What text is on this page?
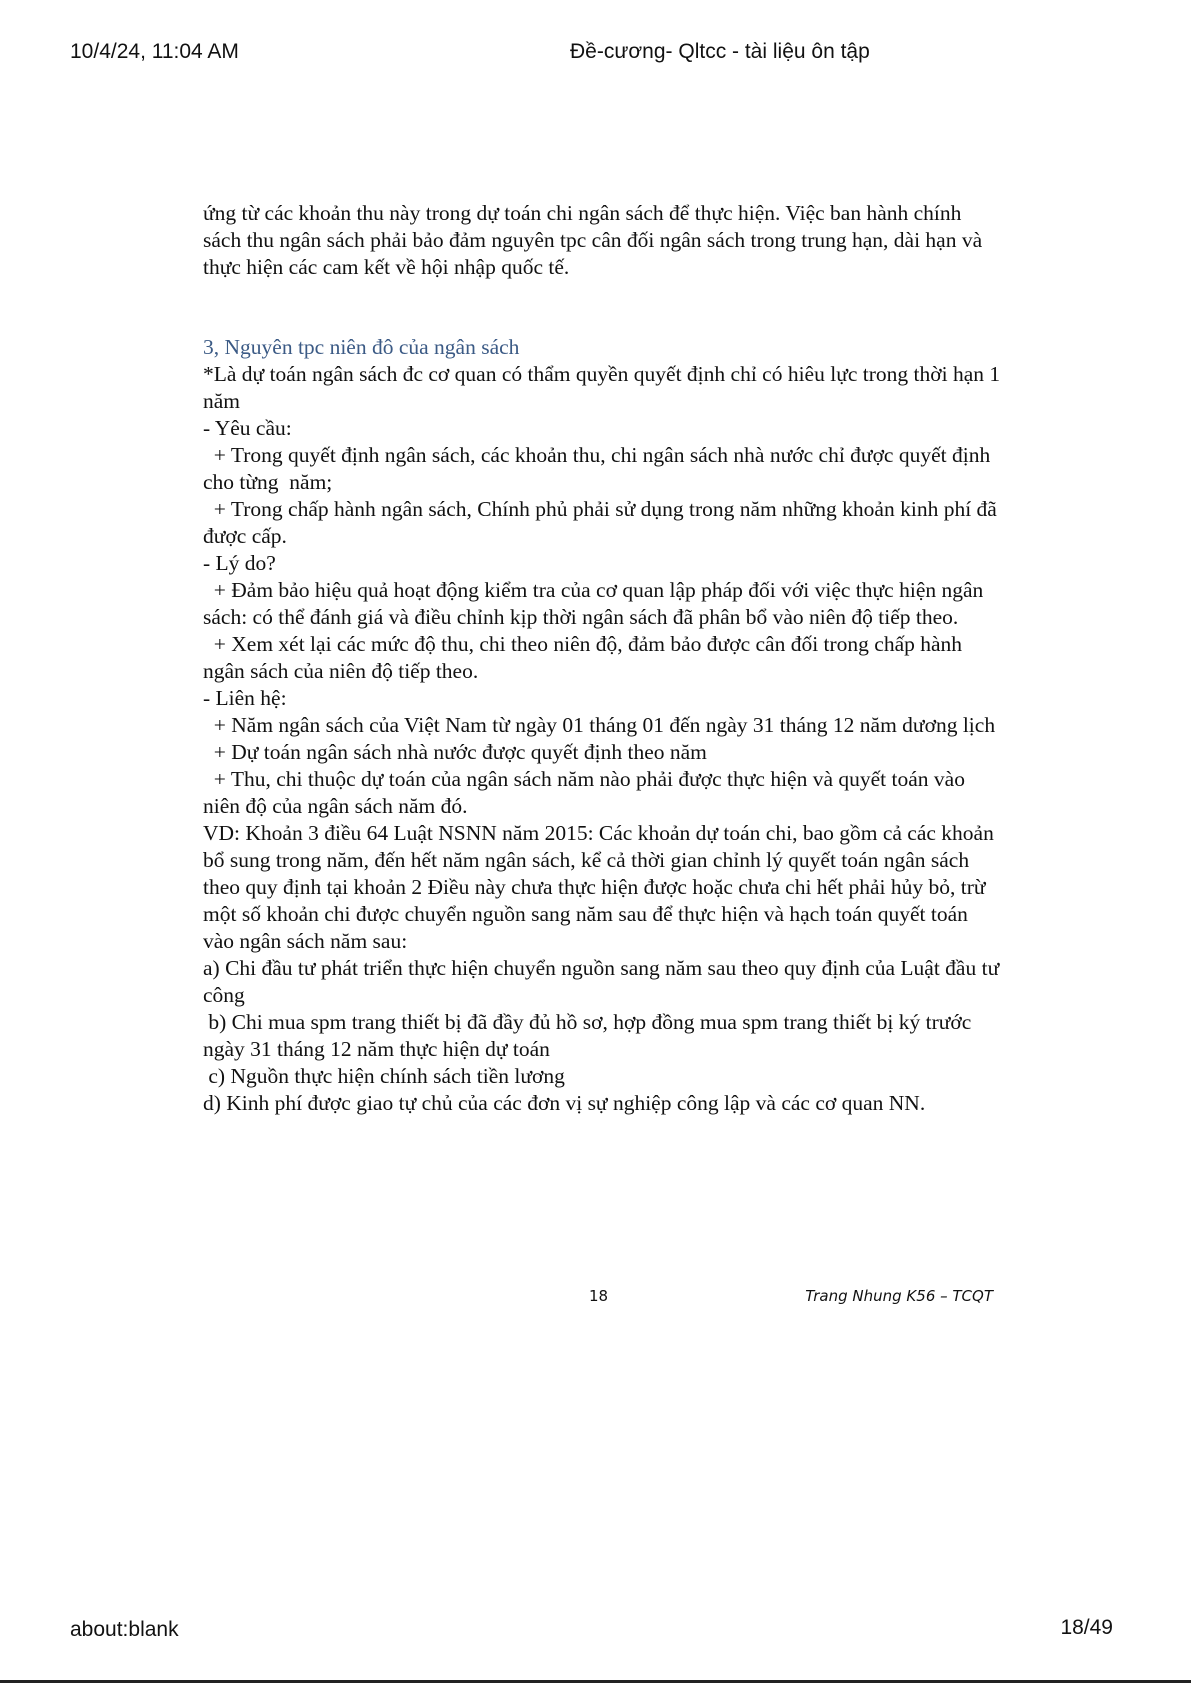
10/4/24, 11:04 AM	Đề-cương- Qltcc - tài liệu ôn tập

ứng từ các khoản thu này trong dự toán chi ngân sách để thực hiện. Việc ban hành chính sách thu ngân sách phải bảo đảm nguyên tpc cân đối ngân sách trong trung hạn, dài hạn và thực hiện các cam kết về hội nhập quốc tế.

3, Nguyên tpc niên đô của ngân sách

*Là dự toán ngân sách đc cơ quan có thẩm quyền quyết định chỉ có hiêu lực trong thời hạn 1 năm

- Yêu cầu:

+ Trong quyết định ngân sách, các khoản thu, chi ngân sách nhà nước chỉ được quyết định cho từng  năm;

+ Trong chấp hành ngân sách, Chính phủ phải sử dụng trong năm những khoản kinh phí đã được cấp.

- Lý do?

+ Đảm bảo hiệu quả hoạt động kiểm tra của cơ quan lập pháp đối với việc thực hiện ngân sách: có thể đánh giá và điều chỉnh kịp thời ngân sách đã phân bổ vào niên độ tiếp theo.

+ Xem xét lại các mức độ thu, chi theo niên độ, đảm bảo được cân đối trong chấp hành ngân sách của niên độ tiếp theo.

- Liên hệ:

+ Năm ngân sách của Việt Nam từ ngày 01 tháng 01 đến ngày 31 tháng 12 năm dương lịch

+ Dự toán ngân sách nhà nước được quyết định theo năm

+ Thu, chi thuộc dự toán của ngân sách năm nào phải được thực hiện và quyết toán vào niên độ của ngân sách năm đó.

VD: Khoản 3 điều 64 Luật NSNN năm 2015: Các khoản dự toán chi, bao gồm cả các khoản bổ sung trong năm, đến hết năm ngân sách, kể cả thời gian chỉnh lý quyết toán ngân sách theo quy định tại khoản 2 Điều này chưa thực hiện được hoặc chưa chi hết phải hủy bỏ, trừ một số khoản chi được chuyển nguồn sang năm sau để thực hiện và hạch toán quyết toán vào ngân sách năm sau:

a) Chi đầu tư phát triển thực hiện chuyển nguồn sang năm sau theo quy định của Luật đầu tư công

b) Chi mua spm trang thiết bị đã đầy đủ hồ sơ, hợp đồng mua spm trang thiết bị ký trước ngày 31 tháng 12 năm thực hiện dự toán

c) Nguồn thực hiện chính sách tiền lương

d) Kinh phí được giao tự chủ của các đơn vị sự nghiệp công lập và các cơ quan NN.

18	Trang Nhung K56 – TCQT
about:blank	18/49
